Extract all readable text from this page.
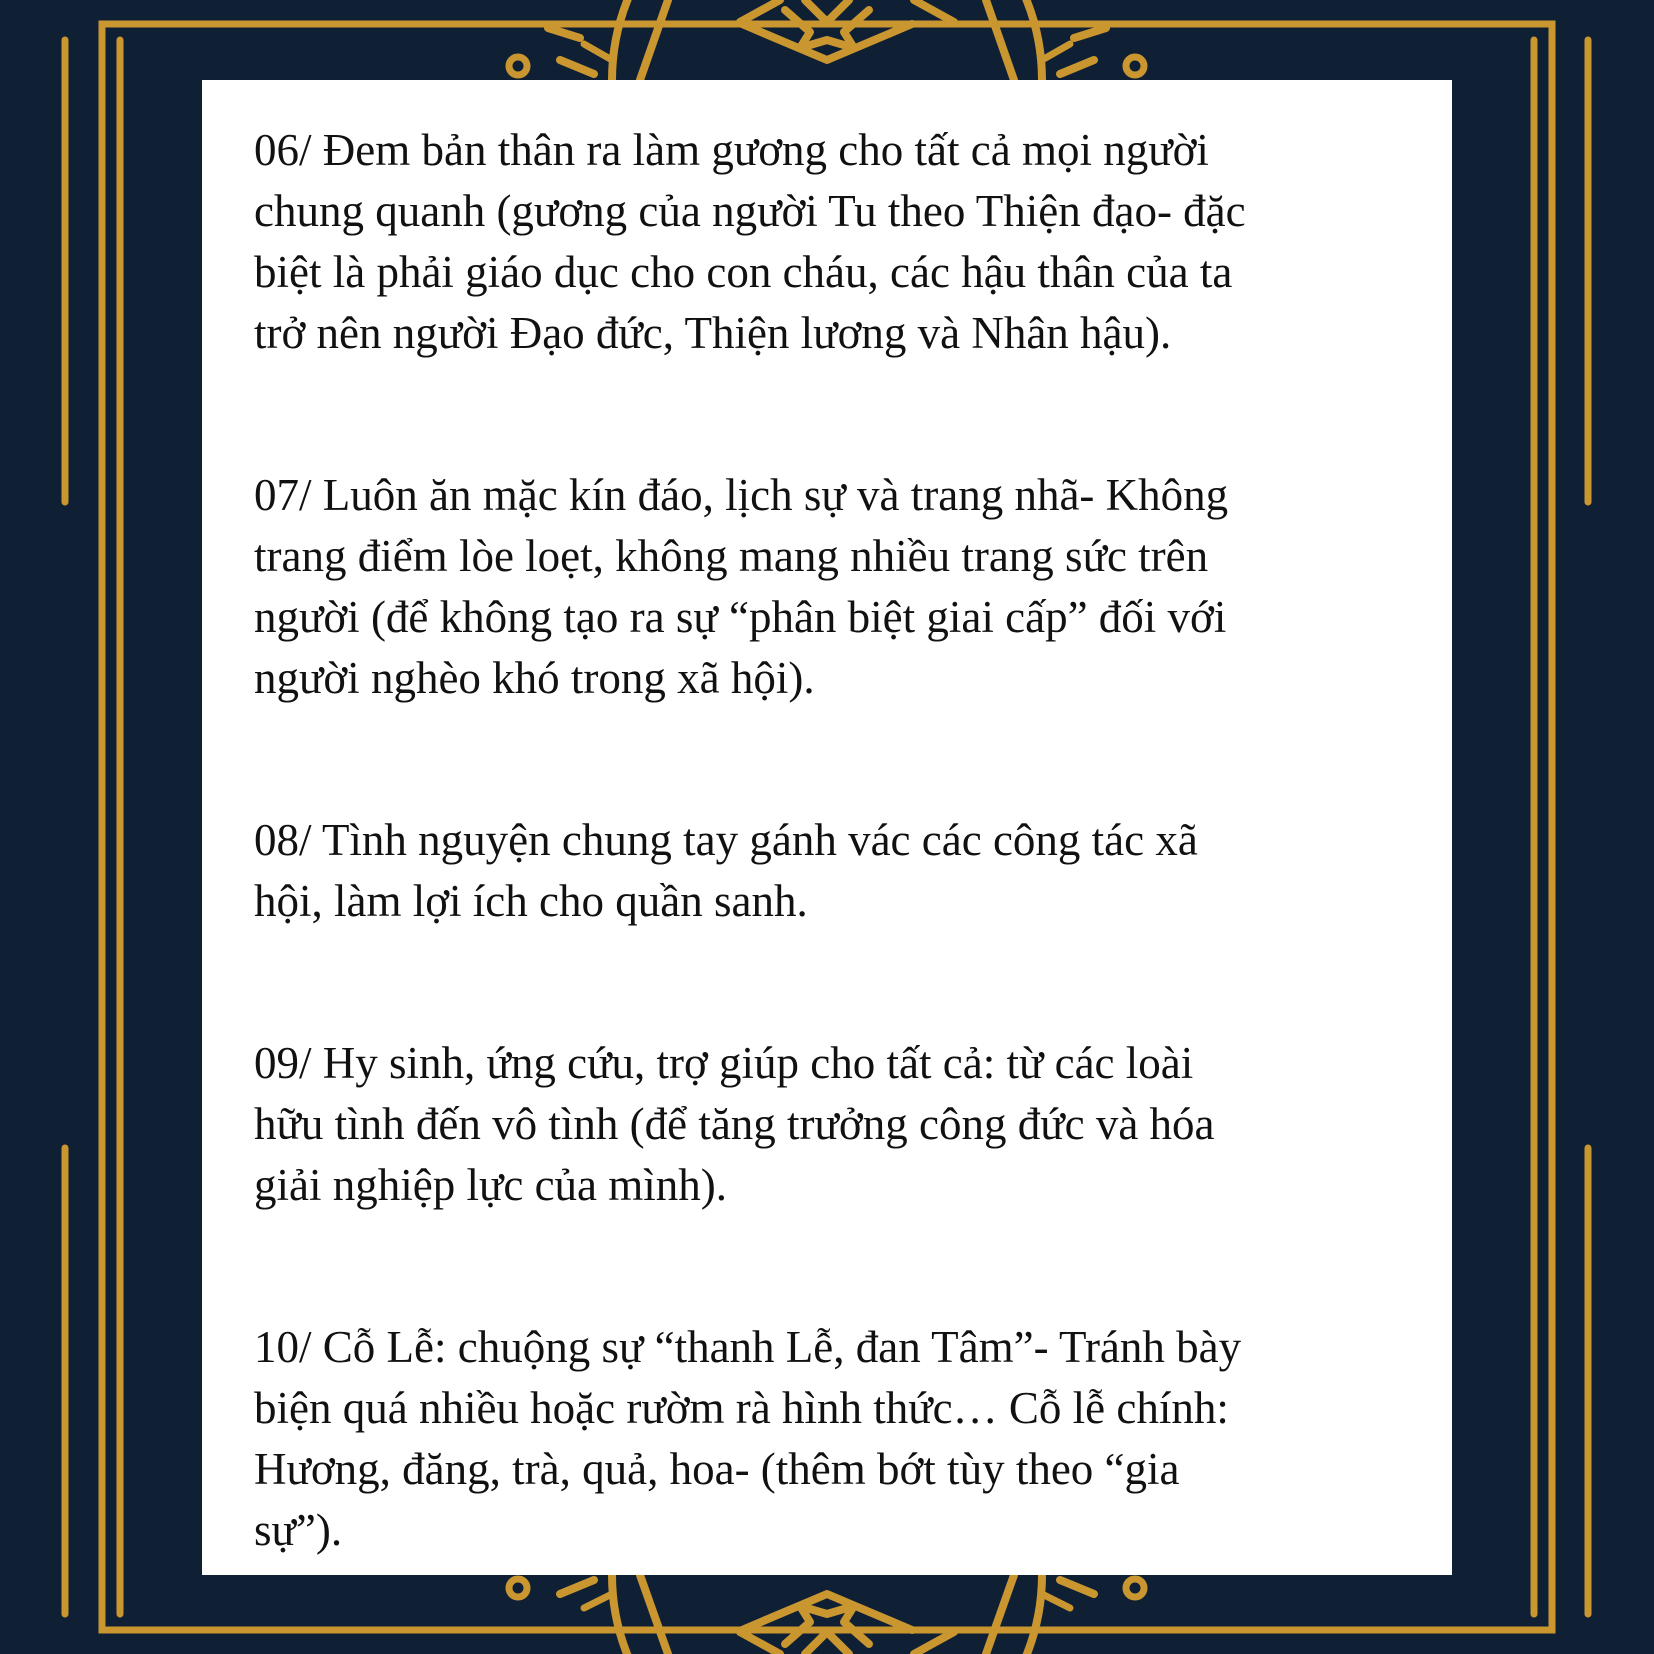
06/ Đem bản thân ra làm gương cho tất cả mọi người
chung quanh (gương của người Tu theo Thiện đạo- đặc
biệt là phải giáo dục cho con cháu, các hậu thân của ta
trở nên người Đạo đức, Thiện lương và Nhân hậu).

07/ Luôn ăn mặc kín đáo, lịch sự và trang nhã- Không
trang điểm lòe loẹt, không mang nhiều trang sức trên
người (để không tạo ra sự “phân biệt giai cấp” đối với
người nghèo khó trong xã hội).

08/ Tình nguyện chung tay gánh vác các công tác xã
hội, làm lợi ích cho quần sanh.

09/ Hy sinh, ứng cứu, trợ giúp cho tất cả: từ các loài
hữu tình đến vô tình (để tăng trưởng công đức và hóa
giải nghiệp lực của mình).

10/ Cỗ Lễ: chuộng sự “thanh Lễ, đan Tâm”- Tránh bày
biện quá nhiều hoặc rườm rà hình thức… Cỗ lễ chính:
Hương, đăng, trà, quả, hoa- (thêm bớt tùy theo “gia
sự”).
